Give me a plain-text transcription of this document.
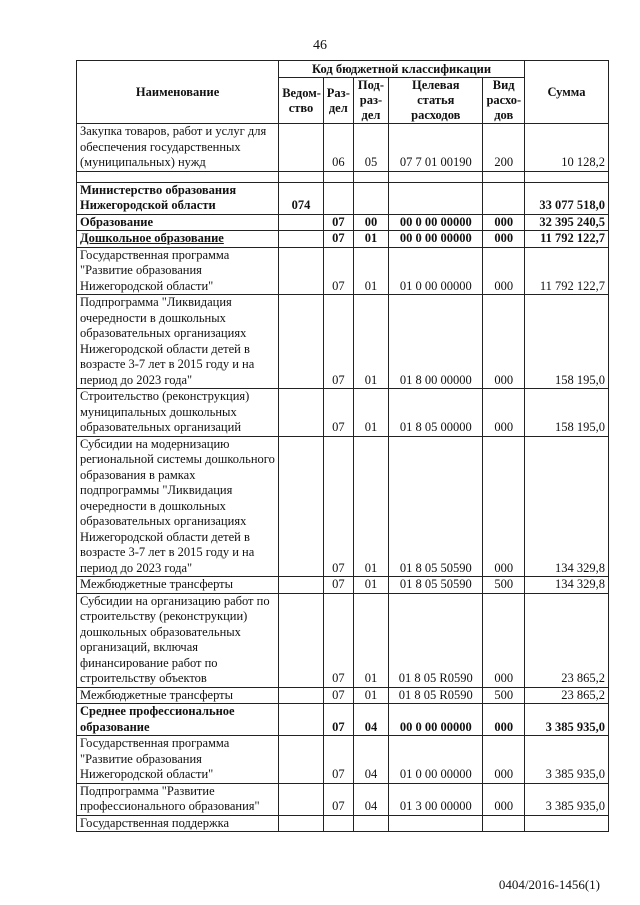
46
Наименование	Код бюджетной классификации					Сумма
	Ведом-ство	Раз-дел	Под-раз-дел	Целевая статья расходов	Вид расхо-дов	
Закупка товаров, работ и услуг для обеспечения государственных (муниципальных) нужд		06	05	07 7 01 00190	200	10 128,2

Министерство образования Нижегородской области	074					33 077 518,0
Образование		07	00	00 0 00 00000	000	32 395 240,5
Дошкольное образование		07	01	00 0 00 00000	000	11 792 122,7
Государственная программа "Развитие образования Нижегородской области"		07	01	01 0 00 00000	000	11 792 122,7
Подпрограмма "Ликвидация очередности в дошкольных образовательных организациях Нижегородской области детей в возрасте 3-7 лет в 2015 году и на период до 2023 года"		07	01	01 8 00 00000	000	158 195,0
Строительство (реконструкция) муниципальных дошкольных образовательных организаций		07	01	01 8 05 00000	000	158 195,0
Субсидии на модернизацию региональной системы дошкольного образования в рамках подпрограммы "Ликвидация очередности в дошкольных образовательных организациях Нижегородской области детей в возрасте 3-7 лет в 2015 году и на период до 2023 года"		07	01	01 8 05 50590	000	134 329,8
Межбюджетные трансферты		07	01	01 8 05 50590	500	134 329,8
Субсидии на организацию работ по строительству (реконструкции) дошкольных образовательных организаций, включая финансирование работ по строительству объектов		07	01	01 8 05 R0590	000	23 865,2
Межбюджетные трансферты		07	01	01 8 05 R0590	500	23 865,2
Среднее профессиональное образование		07	04	00 0 00 00000	000	3 385 935,0
Государственная программа "Развитие образования Нижегородской области"		07	04	01 0 00 00000	000	3 385 935,0
Подпрограмма "Развитие профессионального образования"		07	04	01 3 00 00000	000	3 385 935,0
Государственная поддержка						
0404/2016-1456(1)
